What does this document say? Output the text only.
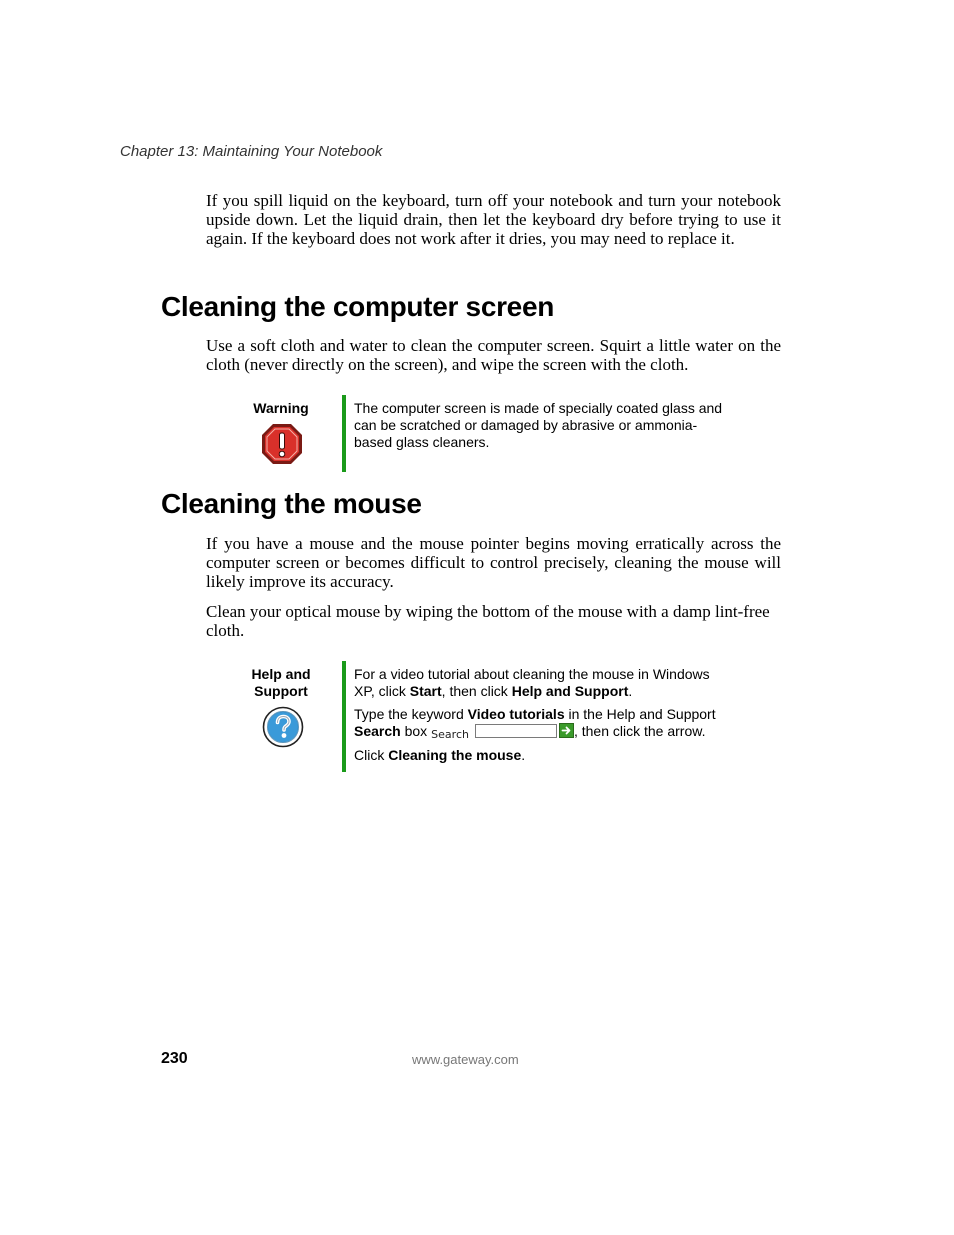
Chapter 13: Maintaining Your Notebook

If you spill liquid on the keyboard, turn off your notebook and turn your notebook upside down. Let the liquid drain, then let the keyboard dry before trying to use it again. If the keyboard does not work after it dries, you may need to replace it.

Cleaning the computer screen

Use a soft cloth and water to clean the computer screen. Squirt a little water on the cloth (never directly on the screen), and wipe the screen with the cloth.

Warning	The computer screen is made of specially coated glass and can be scratched or damaged by abrasive or ammonia-based glass cleaners.

Cleaning the mouse

If you have a mouse and the mouse pointer begins moving erratically across the computer screen or becomes difficult to control precisely, cleaning the mouse will likely improve its accuracy.

Clean your optical mouse by wiping the bottom of the mouse with a damp lint-free cloth.

Help and
Support

For a video tutorial about cleaning the mouse in Windows XP, click Start, then click Help and Support.

Type the keyword Video tutorials in the Help and Support Search box Search	, then click the arrow.

Click Cleaning the mouse.

230	www.gateway.com
